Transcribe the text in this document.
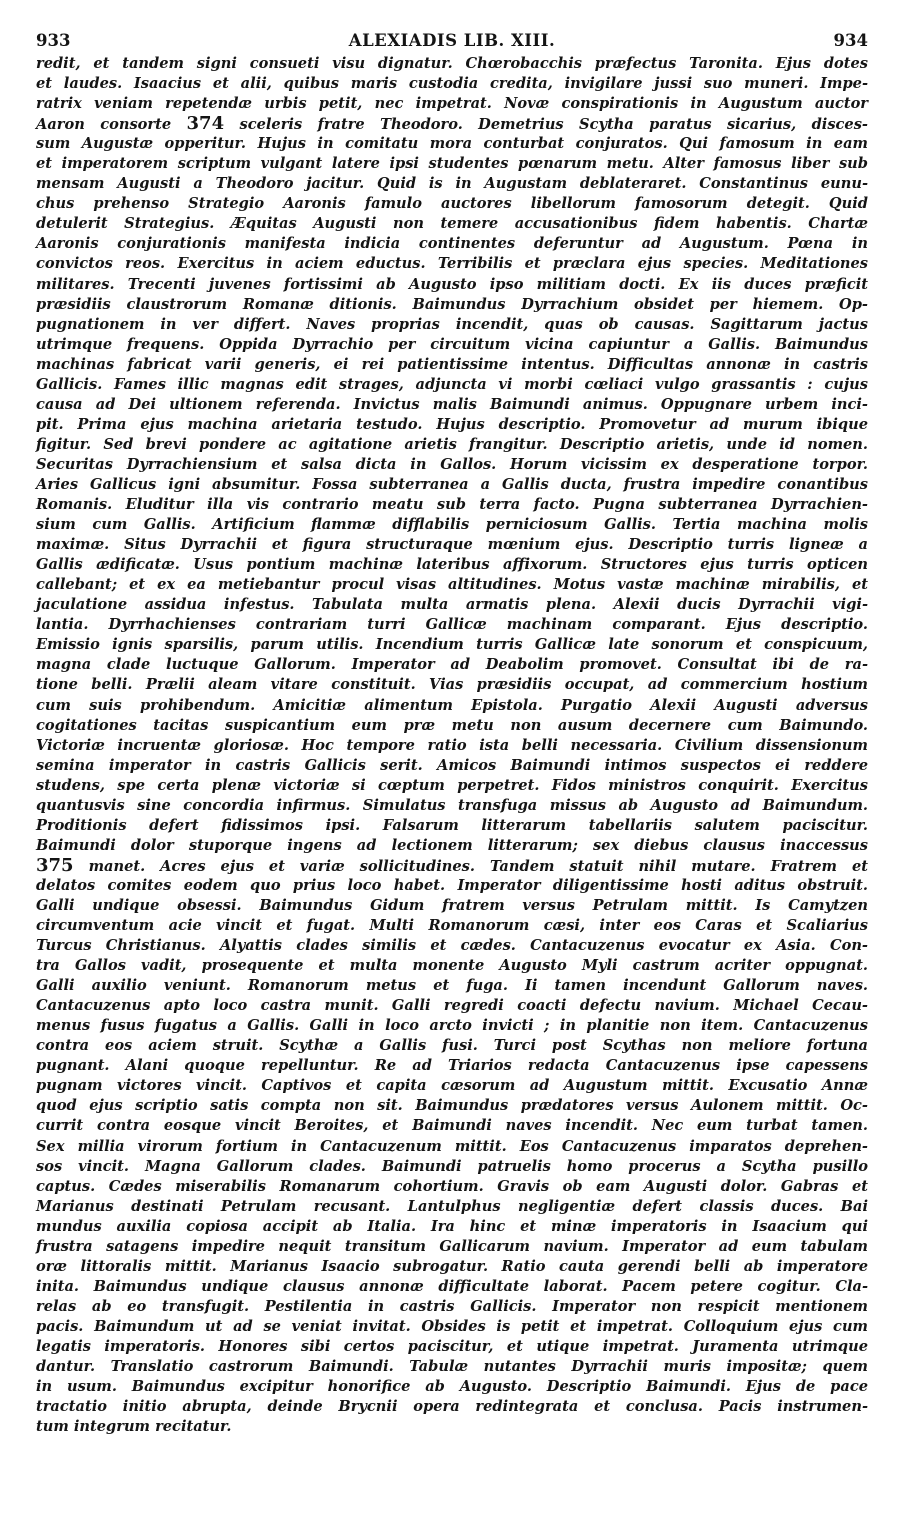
933	ALEXIADIS LIB. XIII.	934
redit, et tandem signi consueti visu dignatur. Chœrobacchis præfectus Taronita. Ejus dotes
et laudes. Isaacius et alii, quibus maris custodia credita, invigilare jussi suo muneri. Impe-
ratrix veniam repetendæ urbis petit, nec impetrat. Novæ conspirationis in Augustum auctor
Aaron consorte 374 sceleris fratre Theodoro. Demetrius Scytha paratus sicarius, disces-
sum Augustæ opperitur. Hujus in comitatu mora conturbat conjuratos. Qui famosum in eam
et imperatorem scriptum vulgant latere ipsi studentes pœnarum metu. Alter famosus liber sub
mensam Augusti a Theodoro jacitur. Quid is in Augustam deblateraret. Constantinus eunu-
chus prehenso Strategio Aaronis famulo auctores libellorum famosorum detegit. Quid
detulerit Strategius. Æquitas Augusti non temere accusationibus fidem habentis. Chartæ
Aaronis conjurationis manifesta indicia continentes deferuntur ad Augustum. Pœna in
convictos reos. Exercitus in aciem eductus. Terribilis et præclara ejus species. Meditationes
militares. Trecenti juvenes fortissimi ab Augusto ipso militiam docti. Ex iis duces præficit
præsidiis claustrorum Romanæ ditionis. Baimundus Dyrrachium obsidet per hiemem. Op-
pugnationem in ver differt. Naves proprias incendit, quas ob causas. Sagittarum jactus
utrimque frequens. Oppida Dyrrachio per circuitum vicina capiuntur a Gallis. Baimundus
machinas fabricat varii generis, ei rei patientissime intentus. Difficultas annonæ in castris
Gallicis. Fames illic magnas edit strages, adjuncta vi morbi cœliaci vulgo grassantis : cujus
causa ad Dei ultionem referenda. Invictus malis Baimundi animus. Oppugnare urbem inci-
pit. Prima ejus machina arietaria testudo. Hujus descriptio. Promovetur ad murum ibique
figitur. Sed brevi pondere ac agitatione arietis frangitur. Descriptio arietis, unde id nomen.
Securitas Dyrrachiensium et salsa dicta in Gallos. Horum vicissim ex desperatione torpor.
Aries Gallicus igni absumitur. Fossa subterranea a Gallis ducta, frustra impedire conantibus
Romanis. Eluditur illa vis contrario meatu sub terra facto. Pugna subterranea Dyrrachien-
sium cum Gallis. Artificium flammæ difflabilis perniciosum Gallis. Tertia machina molis
maximæ. Situs Dyrrachii et figura structuraque mœnium ejus. Descriptio turris ligneæ a
Gallis ædificatæ. Usus pontium machinæ lateribus affixorum. Structores ejus turris opticen
callebant; et ex ea metiebantur procul visas altitudines. Motus vastæ machinæ mirabilis, et
jaculatione assidua infestus. Tabulata multa armatis plena. Alexii ducis Dyrrachii vigi-
lantia. Dyrrhachienses contrariam turri Gallicæ machinam comparant. Ejus descriptio.
Emissio ignis sparsilis, parum utilis. Incendium turris Gallicæ late sonorum et conspicuum,
magna clade luctuque Gallorum. Imperator ad Deabolim promovet. Consultat ibi de ra-
tione belli. Prælii aleam vitare constituit. Vias præsidiis occupat, ad commercium hostium
cum suis prohibendum. Amicitiæ alimentum Epistola. Purgatio Alexii Augusti adversus
cogitationes tacitas suspicantium eum præ metu non ausum decernere cum Baimundo.
Victoriæ incruentæ gloriosæ. Hoc tempore ratio ista belli necessaria. Civilium dissensionum
semina imperator in castris Gallicis serit. Amicos Baimundi intimos suspectos ei reddere
studens, spe certa plenæ victoriæ si cœptum perpetret. Fidos ministros conquirit. Exercitus
quantusvis sine concordia infirmus. Simulatus transfuga missus ab Augusto ad Baimundum.
Proditionis defert fidissimos ipsi. Falsarum litterarum tabellariis salutem paciscitur.
Baimundi dolor stuporque ingens ad lectionem litterarum; sex diebus clausus inaccessus
375 manet. Acres ejus et variæ sollicitudines. Tandem statuit nihil mutare. Fratrem et
delatos comites eodem quo prius loco habet. Imperator diligentissime hosti aditus obstruit.
Galli undique obsessi. Baimundus Gidum fratrem versus Petrulam mittit. Is Camytzen
circumventum acie vincit et fugat. Multi Romanorum cæsi, inter eos Caras et Scaliarius
Turcus Christianus. Alyattis clades similis et cædes. Cantacuzenus evocatur ex Asia. Con-
tra Gallos vadit, prosequente et multa monente Augusto Myli castrum acriter oppugnat.
Galli auxilio veniunt. Romanorum metus et fuga. Ii tamen incendunt Gallorum naves.
Cantacuzenus apto loco castra munit. Galli regredi coacti defectu navium. Michael Cecau-
menus fusus fugatus a Gallis. Galli in loco arcto invicti ; in planitie non item. Cantacuzenus
contra eos aciem struit. Scythæ a Gallis fusi. Turci post Scythas non meliore fortuna
pugnant. Alani quoque repelluntur. Re ad Triarios redacta Cantacuzenus ipse capessens
pugnam victores vincit. Captivos et capita cæsorum ad Augustum mittit. Excusatio Annæ
quod ejus scriptio satis compta non sit. Baimundus prædatores versus Aulonem mittit. Oc-
currit contra eosque vincit Beroites, et Baimundi naves incendit. Nec eum turbat tamen.
Sex millia virorum fortium in Cantacuzenum mittit. Eos Cantacuzenus imparatos deprehen-
sos vincit. Magna Gallorum clades. Baimundi patruelis homo procerus a Scytha pusillo
captus. Cædes miserabilis Romanarum cohortium. Gravis ob eam Augusti dolor. Gabras et
Marianus destinati Petrulam recusant. Lantulphus negligentiæ defert classis duces. Bai
mundus auxilia copiosa accipit ab Italia. Ira hinc et minæ imperatoris in Isaacium qui
frustra satagens impedire nequit transitum Gallicarum navium. Imperator ad eum tabulam
oræ littoralis mittit. Marianus Isaacio subrogatur. Ratio cauta gerendi belli ab imperatore
inita. Baimundus undique clausus annonæ difficultate laborat. Pacem petere cogitur. Cla-
relas ab eo transfugit. Pestilentia in castris Gallicis. Imperator non respicit mentionem
pacis. Baimundum ut ad se veniat invitat. Obsides is petit et impetrat. Colloquium ejus cum
legatis imperatoris. Honores sibi certos paciscitur, et utique impetrat. Juramenta utrimque
dantur. Translatio castrorum Baimundi. Tabulæ nutantes Dyrrachii muris impositæ; quem
in usum. Baimundus excipitur honorifice ab Augusto. Descriptio Baimundi. Ejus de pace
tractatio initio abrupta, deinde Brycnii opera redintegrata et conclusa. Pacis instrumen-
tum integrum recitatur.
